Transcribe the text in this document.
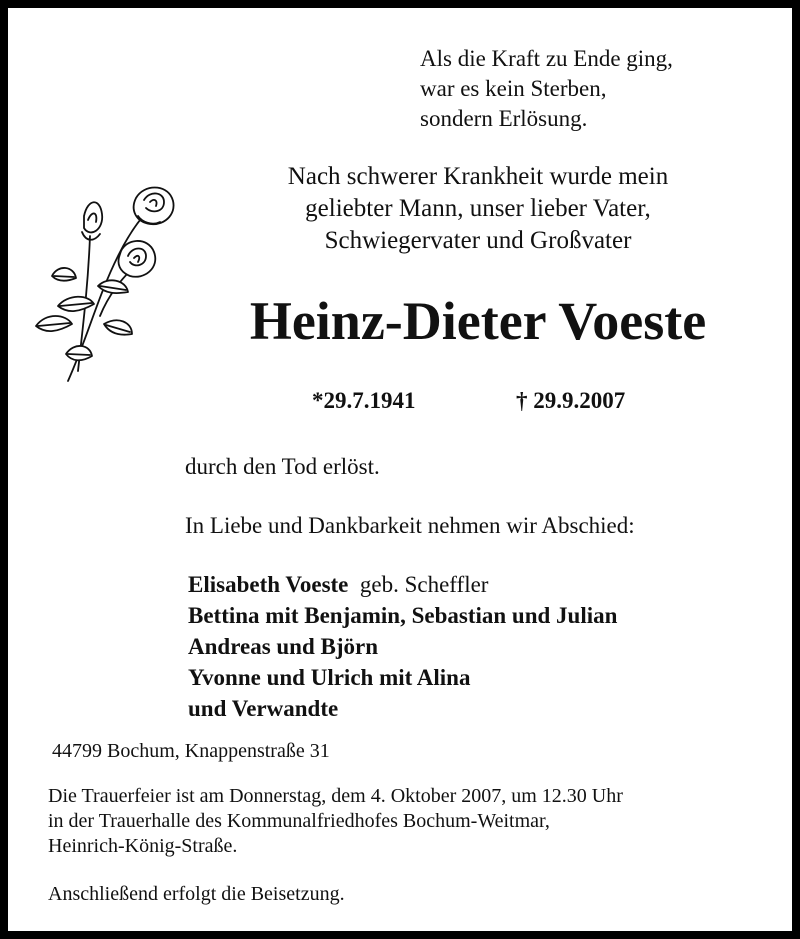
Als die Kraft zu Ende ging,
war es kein Sterben,
sondern Erlösung.
Nach schwerer Krankheit wurde mein
geliebter Mann, unser lieber Vater,
Schwiegervater und Großvater
Heinz-Dieter Voeste
*29.7.1941	† 29.9.2007
durch den Tod erlöst.
In Liebe und Dankbarkeit nehmen wir Abschied:
Elisabeth Voeste geb. Scheffler
Bettina mit Benjamin, Sebastian und Julian
Andreas und Björn
Yvonne und Ulrich mit Alina
und Verwandte
44799 Bochum, Knappenstraße 31
Die Trauerfeier ist am Donnerstag, dem 4. Oktober 2007, um 12.30 Uhr
in der Trauerhalle des Kommunalfriedhofes Bochum-Weitmar,
Heinrich-König-Straße.
Anschließend erfolgt die Beisetzung.
